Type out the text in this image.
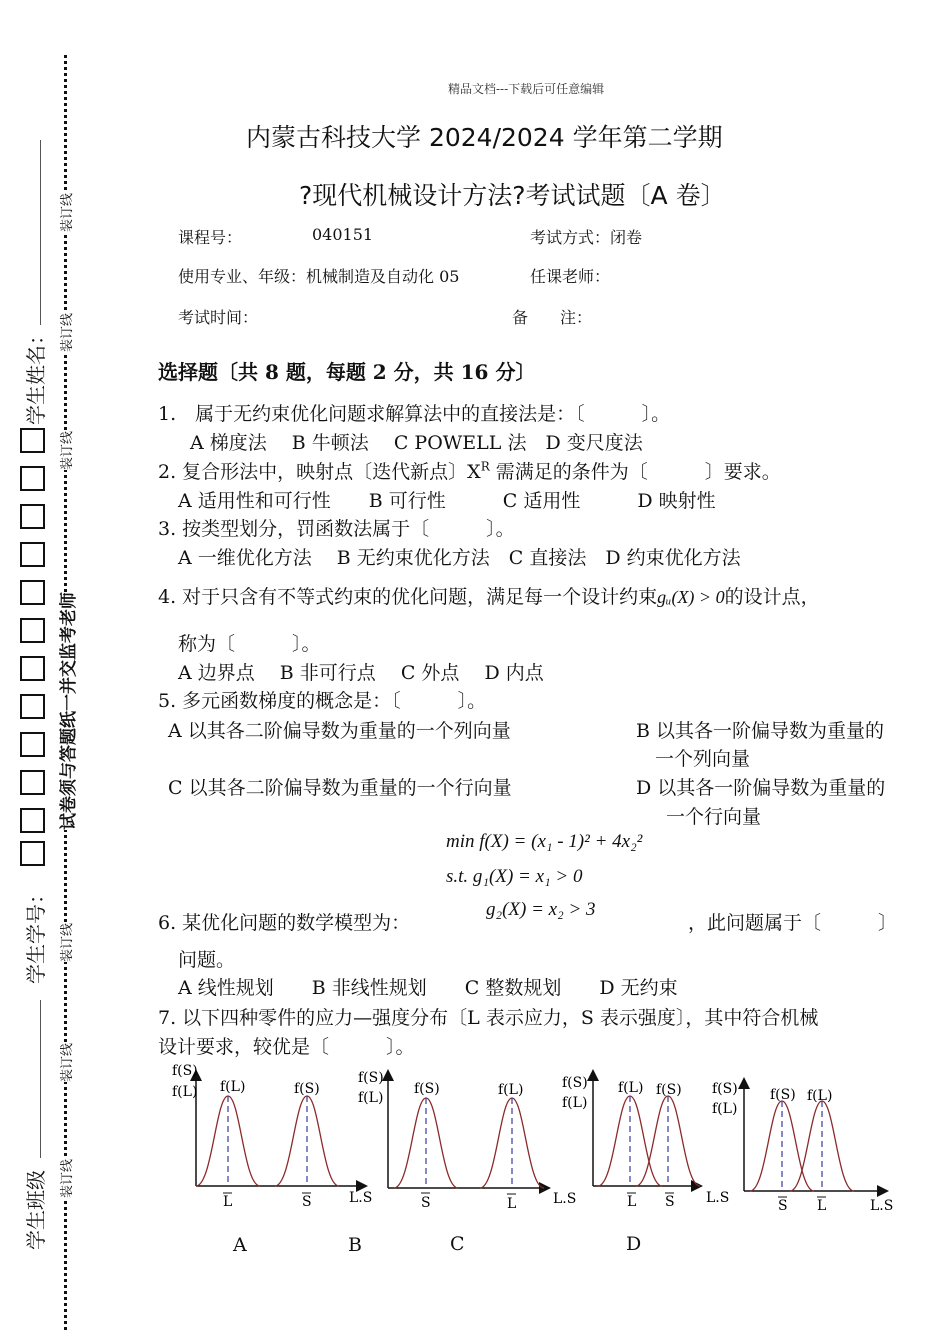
装订线
装订线
装订线
试卷须与答题纸一并交监考老师
装订线
装订线
装订线
学生姓名：
学生学号：
学生班级
精品文档---下载后可任意编辑
内蒙古科技大学 2024/2024 学年第二学期
?现代机械设计方法?考试试题〔A 卷〕
课程号：	040151	考试方式：闭卷
使用专业、年级：机械制造及自动化 05	任课老师：
考试时间：	备　　注：
选择题〔共 8 题，每题 2 分，共 16 分〕
1.　属于无约束优化问题求解算法中的直接法是：〔　　　〕。
A 梯度法　 B 牛顿法　 C POWELL 法　D 变尺度法
2. 复合形法中，映射点〔迭代新点〕$X^R$ 需满足的条件为〔　　　〕要求。
A 适用性和可行性　　B 可行性　　　C 适用性　　　D 映射性
3. 按类型划分，罚函数法属于〔　　　〕。
A 一维优化方法　 B 无约束优化方法　C 直接法　D 约束优化方法
4. 对于只含有不等式约束的优化问题，满足每一个设计约束gᵤ(X) > 0的设计点，
称为〔　　　〕。
A 边界点　 B 非可行点　 C 外点　 D 内点
5. 多元函数梯度的概念是：〔　　　〕。
A 以其各二阶偏导数为重量的一个列向量	B 以其各一阶偏导数为重量的
一个列向量
C 以其各二阶偏导数为重量的一个行向量	D 以其各一阶偏导数为重量的
一个行向量
min f(X) = (x₁ - 1)² + 4x₂²
s.t. g₁(X) = x₁ > 0
g₂(X) = x₂ > 3
6. 某优化问题的数学模型为：	，此问题属于〔　　　〕
问题。
A 线性规划　　B 非线性规划　　C 整数规划　　D 无约束
7. 以下四种零件的应力—强度分布〔L 表示应力，S 表示强度〕，其中符合机械
设计要求，较优是〔　　　〕。
f(S)
f(L) f(L)	f(S)
L	S	L.S
f(S)
f(L)
f(S)	f(L)
S	L	L.S
f(S)
f(L)
f(L) f(S)
L S L.S
f(S)
f(L)
f(S) f(L)
S L	L.S
A	B	C	D
